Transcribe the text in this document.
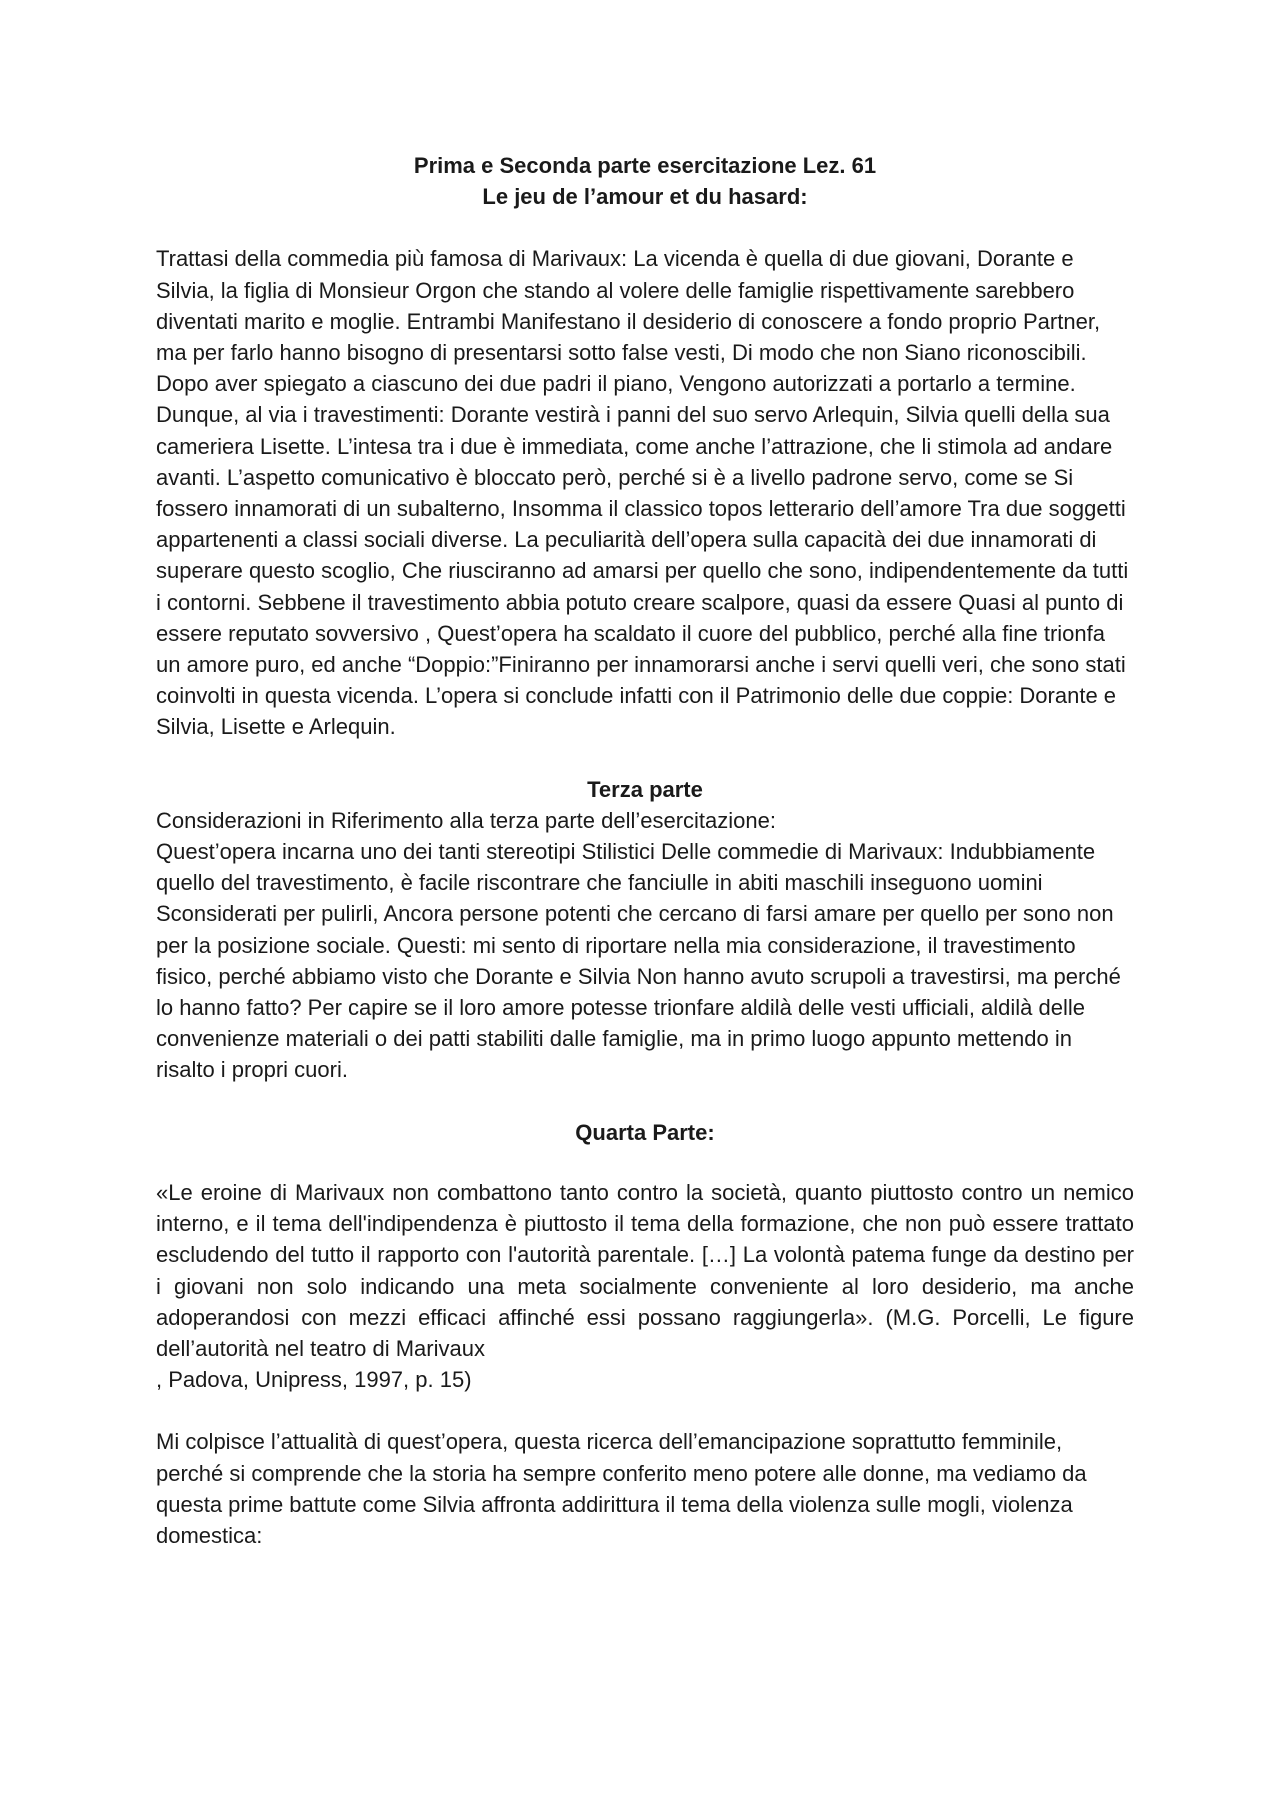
Prima e Seconda parte esercitazione Lez. 61

Le jeu de l’amour et du hasard:

Trattasi della commedia più famosa di Marivaux: La vicenda è quella di due giovani, Dorante e Silvia, la figlia di Monsieur Orgon che stando al volere delle famiglie rispettivamente sarebbero diventati marito e moglie. Entrambi Manifestano il desiderio di conoscere a fondo proprio Partner, ma per farlo hanno bisogno di presentarsi sotto false vesti, Di modo che non Siano riconoscibili. Dopo aver spiegato a ciascuno dei due padri il piano, Vengono autorizzati a portarlo a termine. Dunque, al via i travestimenti: Dorante vestirà i panni del suo servo Arlequin, Silvia quelli della sua cameriera Lisette. L’intesa tra i due è immediata, come anche l’attrazione, che li stimola ad andare avanti. L’aspetto comunicativo è bloccato però, perché si è a livello padrone servo, come se Si fossero innamorati di un subalterno, Insomma il classico topos letterario dell’amore Tra due soggetti appartenenti a classi sociali diverse. La peculiarità dell’opera sulla capacità dei due innamorati di superare questo scoglio, Che riusciranno ad amarsi per quello che sono, indipendentemente da tutti i contorni. Sebbene il travestimento abbia potuto creare scalpore, quasi da essere Quasi al punto di essere reputato sovversivo , Quest’opera ha scaldato il cuore del pubblico, perché alla fine trionfa un amore puro, ed anche “Doppio:”Finiranno per innamorarsi anche i servi quelli veri, che sono stati coinvolti in questa vicenda. L’opera si conclude infatti con il Patrimonio delle due coppie: Dorante e Silvia, Lisette e Arlequin.

Terza parte

Considerazioni in Riferimento alla terza parte dell’esercitazione:

Quest’opera incarna uno dei tanti stereotipi Stilistici Delle commedie di Marivaux: Indubbiamente quello del travestimento, è facile riscontrare che fanciulle in abiti maschili inseguono uomini Sconsiderati per pulirli, Ancora persone potenti che cercano di farsi amare per quello per sono non per la posizione sociale. Questi: mi sento di riportare nella mia considerazione, il travestimento fisico, perché abbiamo visto che Dorante e Silvia Non hanno avuto scrupoli a travestirsi, ma perché lo hanno fatto? Per capire se il loro amore potesse trionfare aldilà delle vesti ufficiali, aldilà delle convenienze materiali o dei patti stabiliti dalle famiglie, ma in primo luogo appunto mettendo in risalto i propri cuori.

Quarta Parte:

«Le eroine di Marivaux non combattono tanto contro la società, quanto piuttosto contro un nemico interno, e il tema dell'indipendenza è piuttosto il tema della formazione, che non può essere trattato escludendo del tutto il rapporto con l'autorità parentale. […] La volontà patema funge da destino per i giovani non solo indicando una meta socialmente conveniente al loro desiderio, ma anche adoperandosi con mezzi efficaci affinché essi possano raggiungerla». (M.G. Porcelli, Le figure dell’autorità nel teatro di Marivaux

, Padova, Unipress, 1997, p. 15)

Mi colpisce l’attualità di quest’opera, questa ricerca dell’emancipazione soprattutto femminile, perché si comprende che la storia ha sempre conferito meno potere alle donne, ma vediamo da questa prime battute come Silvia affronta addirittura il tema della violenza sulle mogli, violenza domestica:
